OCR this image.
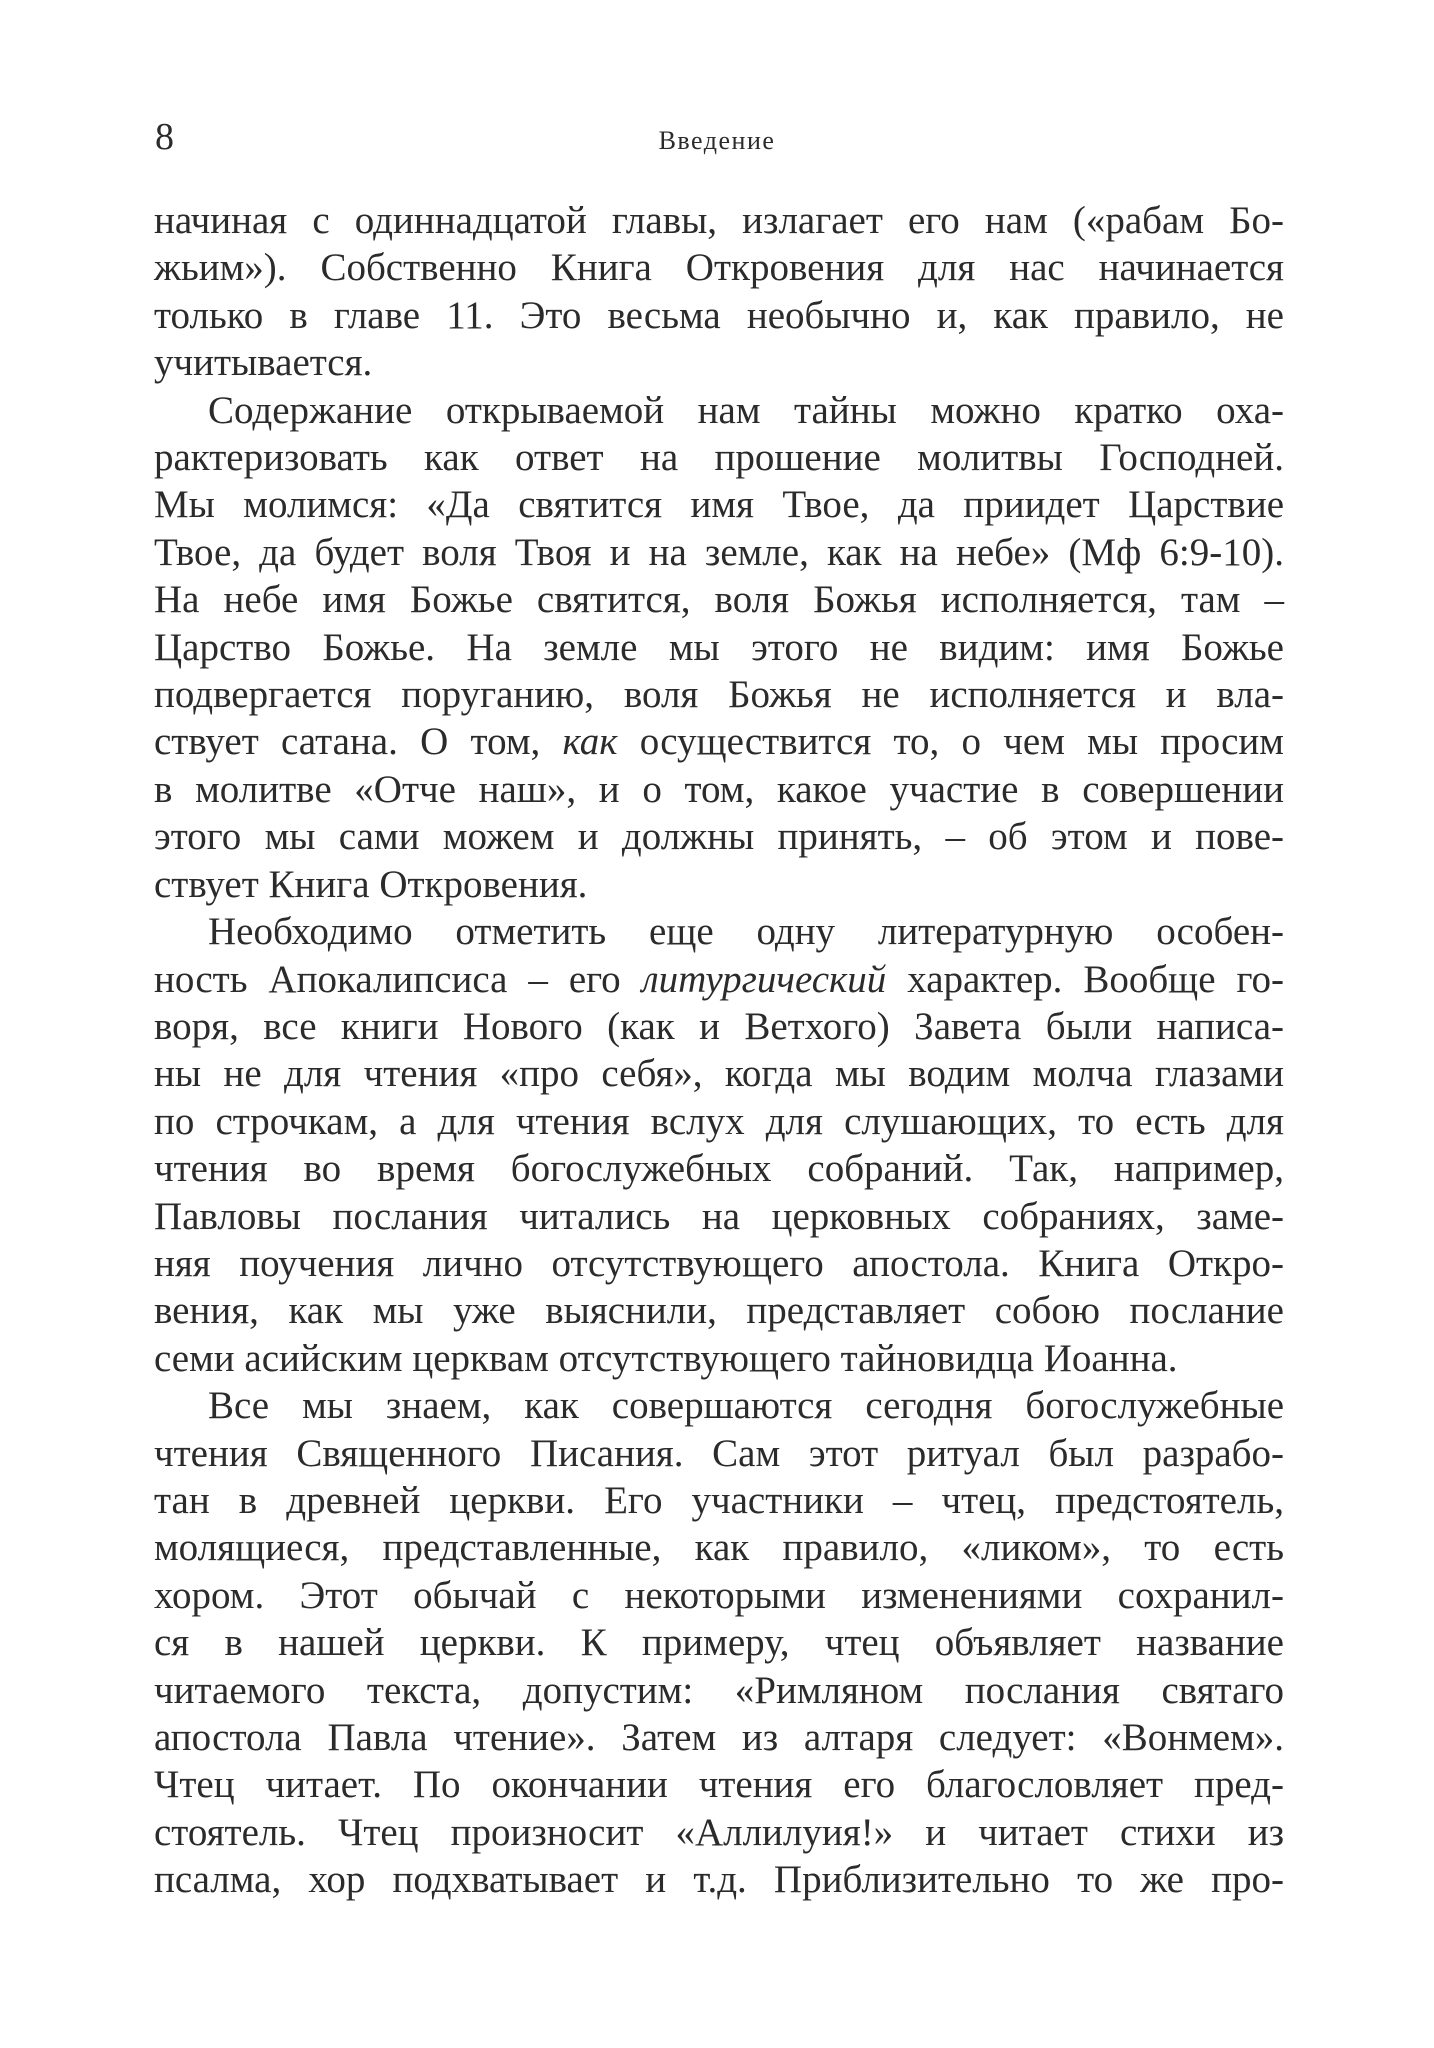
8	Введение
начиная с одиннадцатой главы, излагает его нам («рабам Бо-
жьим»). Собственно Книга Откровения для нас начинается
только в главе 11. Это весьма необычно и, как правило, не
учитывается.
Содержание открываемой нам тайны можно кратко оха-
рактеризовать как ответ на прошение молитвы Господней.
Мы молимся: «Да святится имя Твое, да приидет Царствие
Твое, да будет воля Твоя и на земле, как на небе» (Мф 6:9-10).
На небе имя Божье святится, воля Божья исполняется, там –
Царство Божье. На земле мы этого не видим: имя Божье
подвергается поруганию, воля Божья не исполняется и вла-
ствует сатана. О том, как осуществится то, о чем мы просим
в молитве «Отче наш», и о том, какое участие в совершении
этого мы сами можем и должны принять, – об этом и пове-
ствует Книга Откровения.
Необходимо отметить еще одну литературную особен-
ность Апокалипсиса – его литургический характер. Вообще го-
воря, все книги Нового (как и Ветхого) Завета были написа-
ны не для чтения «про себя», когда мы водим молча глазами
по строчкам, а для чтения вслух для слушающих, то есть для
чтения во время богослужебных собраний. Так, например,
Павловы послания читались на церковных собраниях, заме-
няя поучения лично отсутствующего апостола. Книга Откро-
вения, как мы уже выяснили, представляет собою послание
семи асийским церквам отсутствующего тайновидца Иоанна.
Все мы знаем, как совершаются сегодня богослужебные
чтения Священного Писания. Сам этот ритуал был разрабо-
тан в древней церкви. Его участники – чтец, предстоятель,
молящиеся, представленные, как правило, «ликом», то есть
хором. Этот обычай с некоторыми изменениями сохранил-
ся в нашей церкви. К примеру, чтец объявляет название
читаемого текста, допустим: «Римляном послания святаго
апостола Павла чтение». Затем из алтаря следует: «Вонмем».
Чтец читает. По окончании чтения его благословляет пред-
стоятель. Чтец произносит «Аллилуия!» и читает стихи из
псалма, хор подхватывает и т.д. Приблизительно то же про-
